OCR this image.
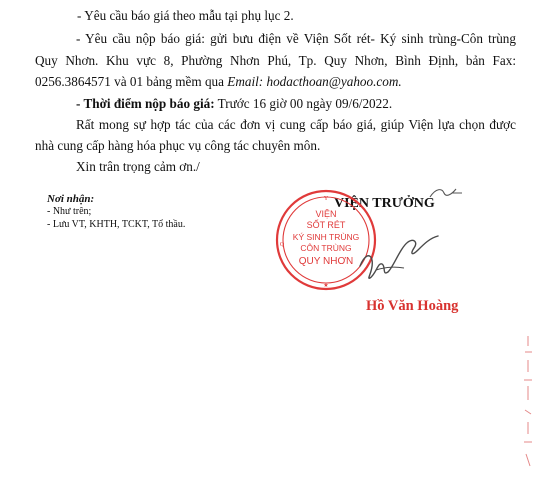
- Yêu cầu báo giá theo mẫu tại phụ lục 2.
- Yêu cầu nộp báo giá: gửi bưu điện về Viện Sốt rét- Ký sinh trùng-Côn trùng
Quy Nhơn. Khu vực 8, Phường Nhơn Phú, Tp. Quy Nhơn, Bình Định, bản Fax:
0256.3864571 và 01 bảng mềm qua Email: hodacthoan@yahoo.com.
- Thời điểm nộp báo giá: Trước 16 giờ 00 ngày 09/6/2022.
Rất mong sự hợp tác của các đơn vị cung cấp báo giá, giúp Viện lựa chọn được
nhà cung cấp hàng hóa phục vụ công tác chuyên môn.
Xin trân trọng cảm ơn./
Nơi nhận:
- Như trên;
- Lưu VT, KHTH, TCKT, Tổ thầu.
VIỆN TRƯỞNG
VIỆN
SỐT RÉT
KÝ SINH TRÙNG
CÔN TRÙNG
QUY NHƠN
Y
Q
★
Hồ Văn Hoàng
